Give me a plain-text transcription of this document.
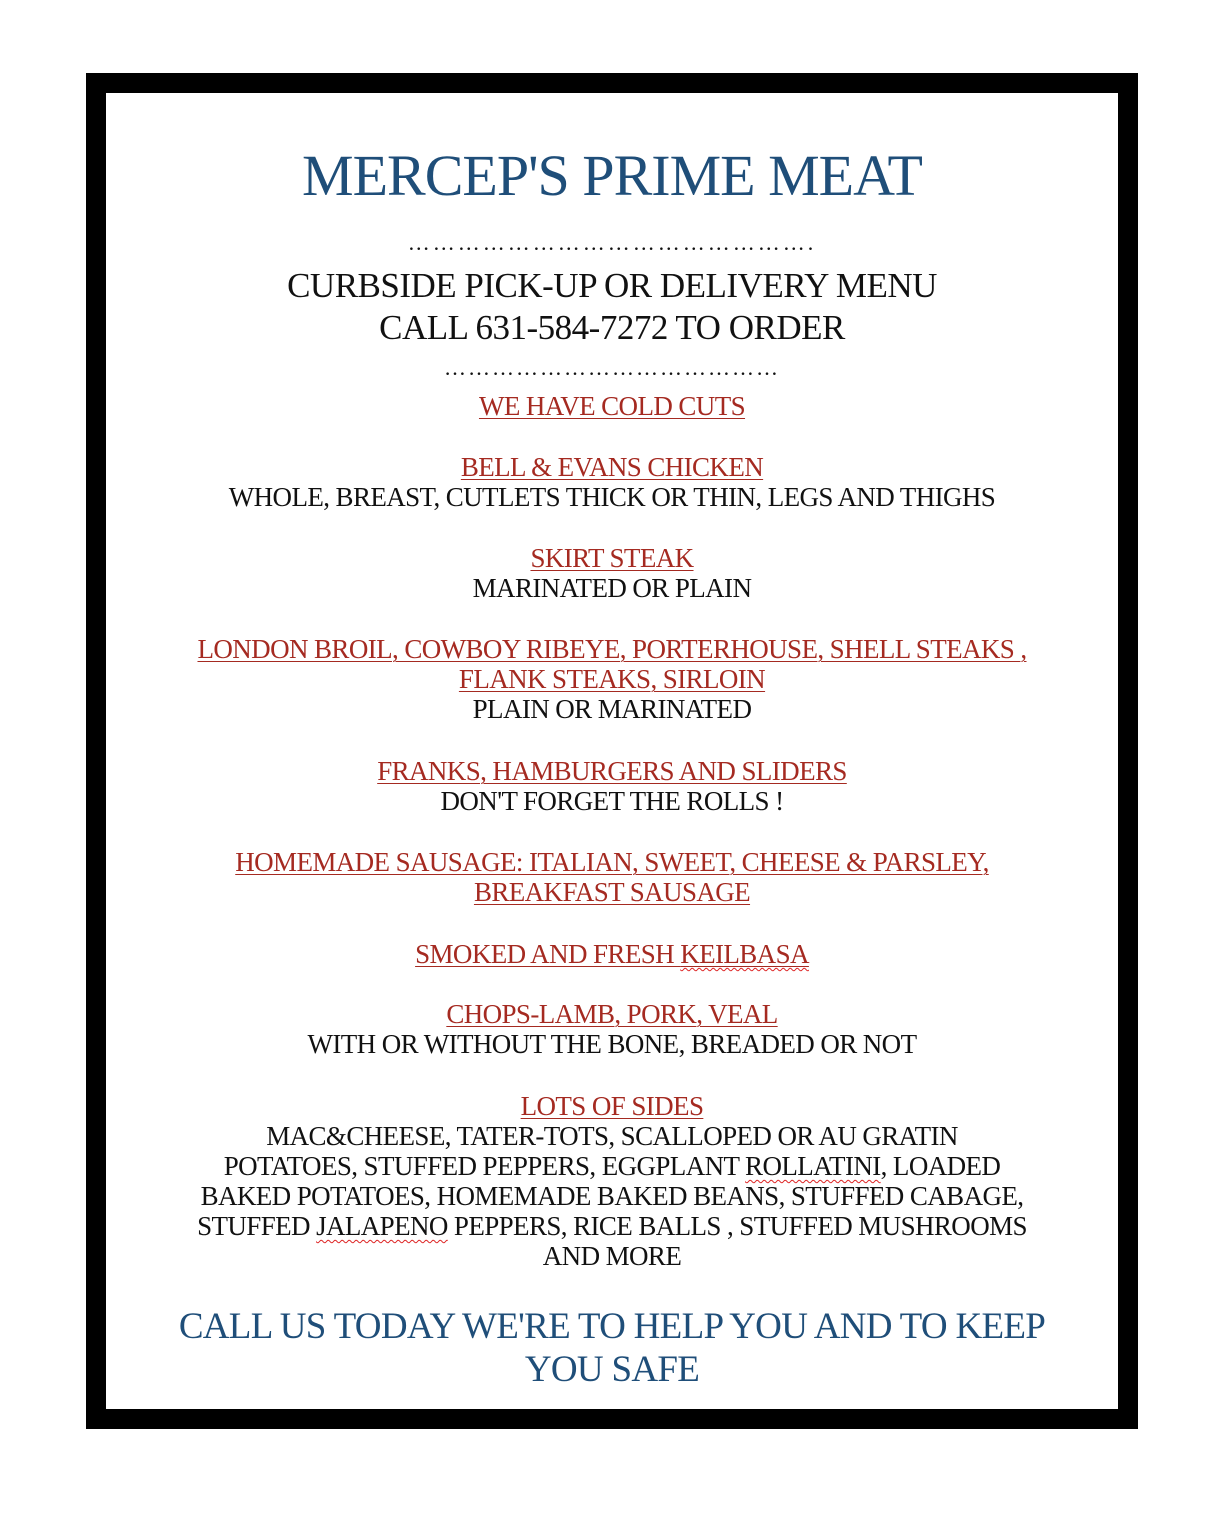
MERCEP'S PRIME MEAT
………………………………………….
CURBSIDE PICK-UP OR DELIVERY MENU
CALL 631-584-7272 TO ORDER
……………………………………
WE HAVE COLD CUTS
BELL & EVANS CHICKEN
WHOLE, BREAST, CUTLETS THICK OR THIN, LEGS AND THIGHS
SKIRT STEAK
MARINATED OR PLAIN
LONDON BROIL, COWBOY RIBEYE, PORTERHOUSE, SHELL STEAKS ,
FLANK STEAKS, SIRLOIN
PLAIN OR MARINATED
FRANKS, HAMBURGERS AND SLIDERS
DON'T FORGET THE ROLLS !
HOMEMADE SAUSAGE: ITALIAN, SWEET, CHEESE & PARSLEY,
BREAKFAST SAUSAGE
SMOKED AND FRESH KEILBASA
CHOPS-LAMB, PORK, VEAL
WITH OR WITHOUT THE BONE, BREADED OR NOT
LOTS OF SIDES
MAC&CHEESE, TATER-TOTS, SCALLOPED OR AU GRATIN
POTATOES, STUFFED PEPPERS, EGGPLANT ROLLATINI, LOADED
BAKED POTATOES, HOMEMADE BAKED BEANS, STUFFED CABAGE,
STUFFED JALAPENO PEPPERS, RICE BALLS , STUFFED MUSHROOMS
AND MORE
CALL US TODAY WE'RE TO HELP YOU AND TO KEEP
YOU SAFE
